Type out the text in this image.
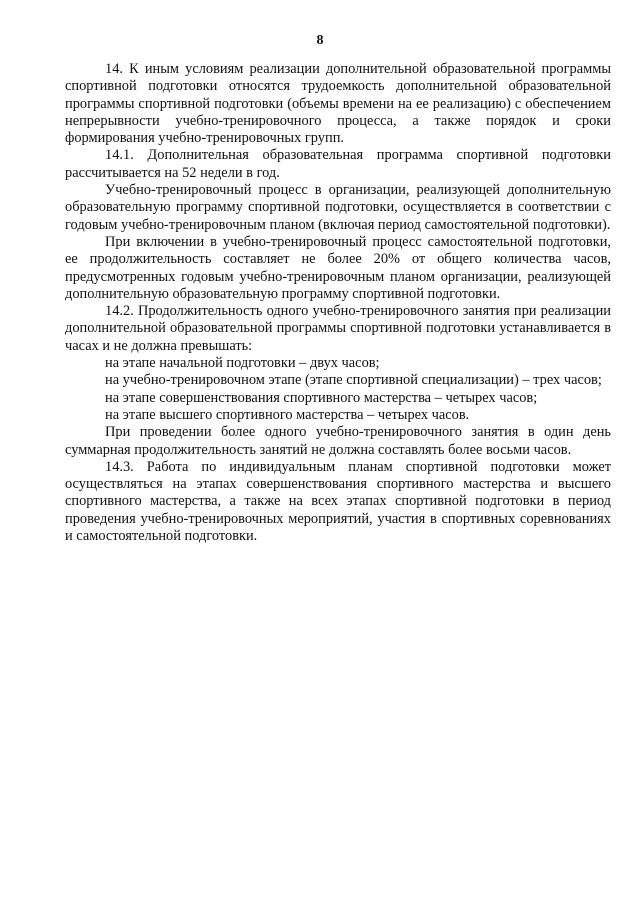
8

14. К иным условиям реализации дополнительной образовательной программы спортивной подготовки относятся трудоемкость дополнительной образовательной программы спортивной подготовки (объемы времени на ее реализацию) с обеспечением непрерывности учебно-тренировочного процесса, а также порядок и сроки формирования учебно-тренировочных групп.

14.1. Дополнительная образовательная программа спортивной подготовки рассчитывается на 52 недели в год.

Учебно-тренировочный процесс в организации, реализующей дополнительную образовательную программу спортивной подготовки, осуществляется в соответствии с годовым учебно-тренировочным планом (включая период самостоятельной подготовки).

При включении в учебно-тренировочный процесс самостоятельной подготовки, ее продолжительность составляет не более 20% от общего количества часов, предусмотренных годовым учебно-тренировочным планом организации, реализующей дополнительную образовательную программу спортивной подготовки.

14.2. Продолжительность одного учебно-тренировочного занятия при реализации дополнительной образовательной программы спортивной подготовки устанавливается в часах и не должна превышать:

на этапе начальной подготовки – двух часов;

на учебно-тренировочном этапе (этапе спортивной специализации) – трех часов;

на этапе совершенствования спортивного мастерства – четырех часов;

на этапе высшего спортивного мастерства – четырех часов.

При проведении более одного учебно-тренировочного занятия в один день суммарная продолжительность занятий не должна составлять более восьми часов.

14.3. Работа по индивидуальным планам спортивной подготовки может осуществляться на этапах совершенствования спортивного мастерства и высшего спортивного мастерства, а также на всех этапах спортивной подготовки в период проведения учебно-тренировочных мероприятий, участия в спортивных соревнованиях и самостоятельной подготовки.
